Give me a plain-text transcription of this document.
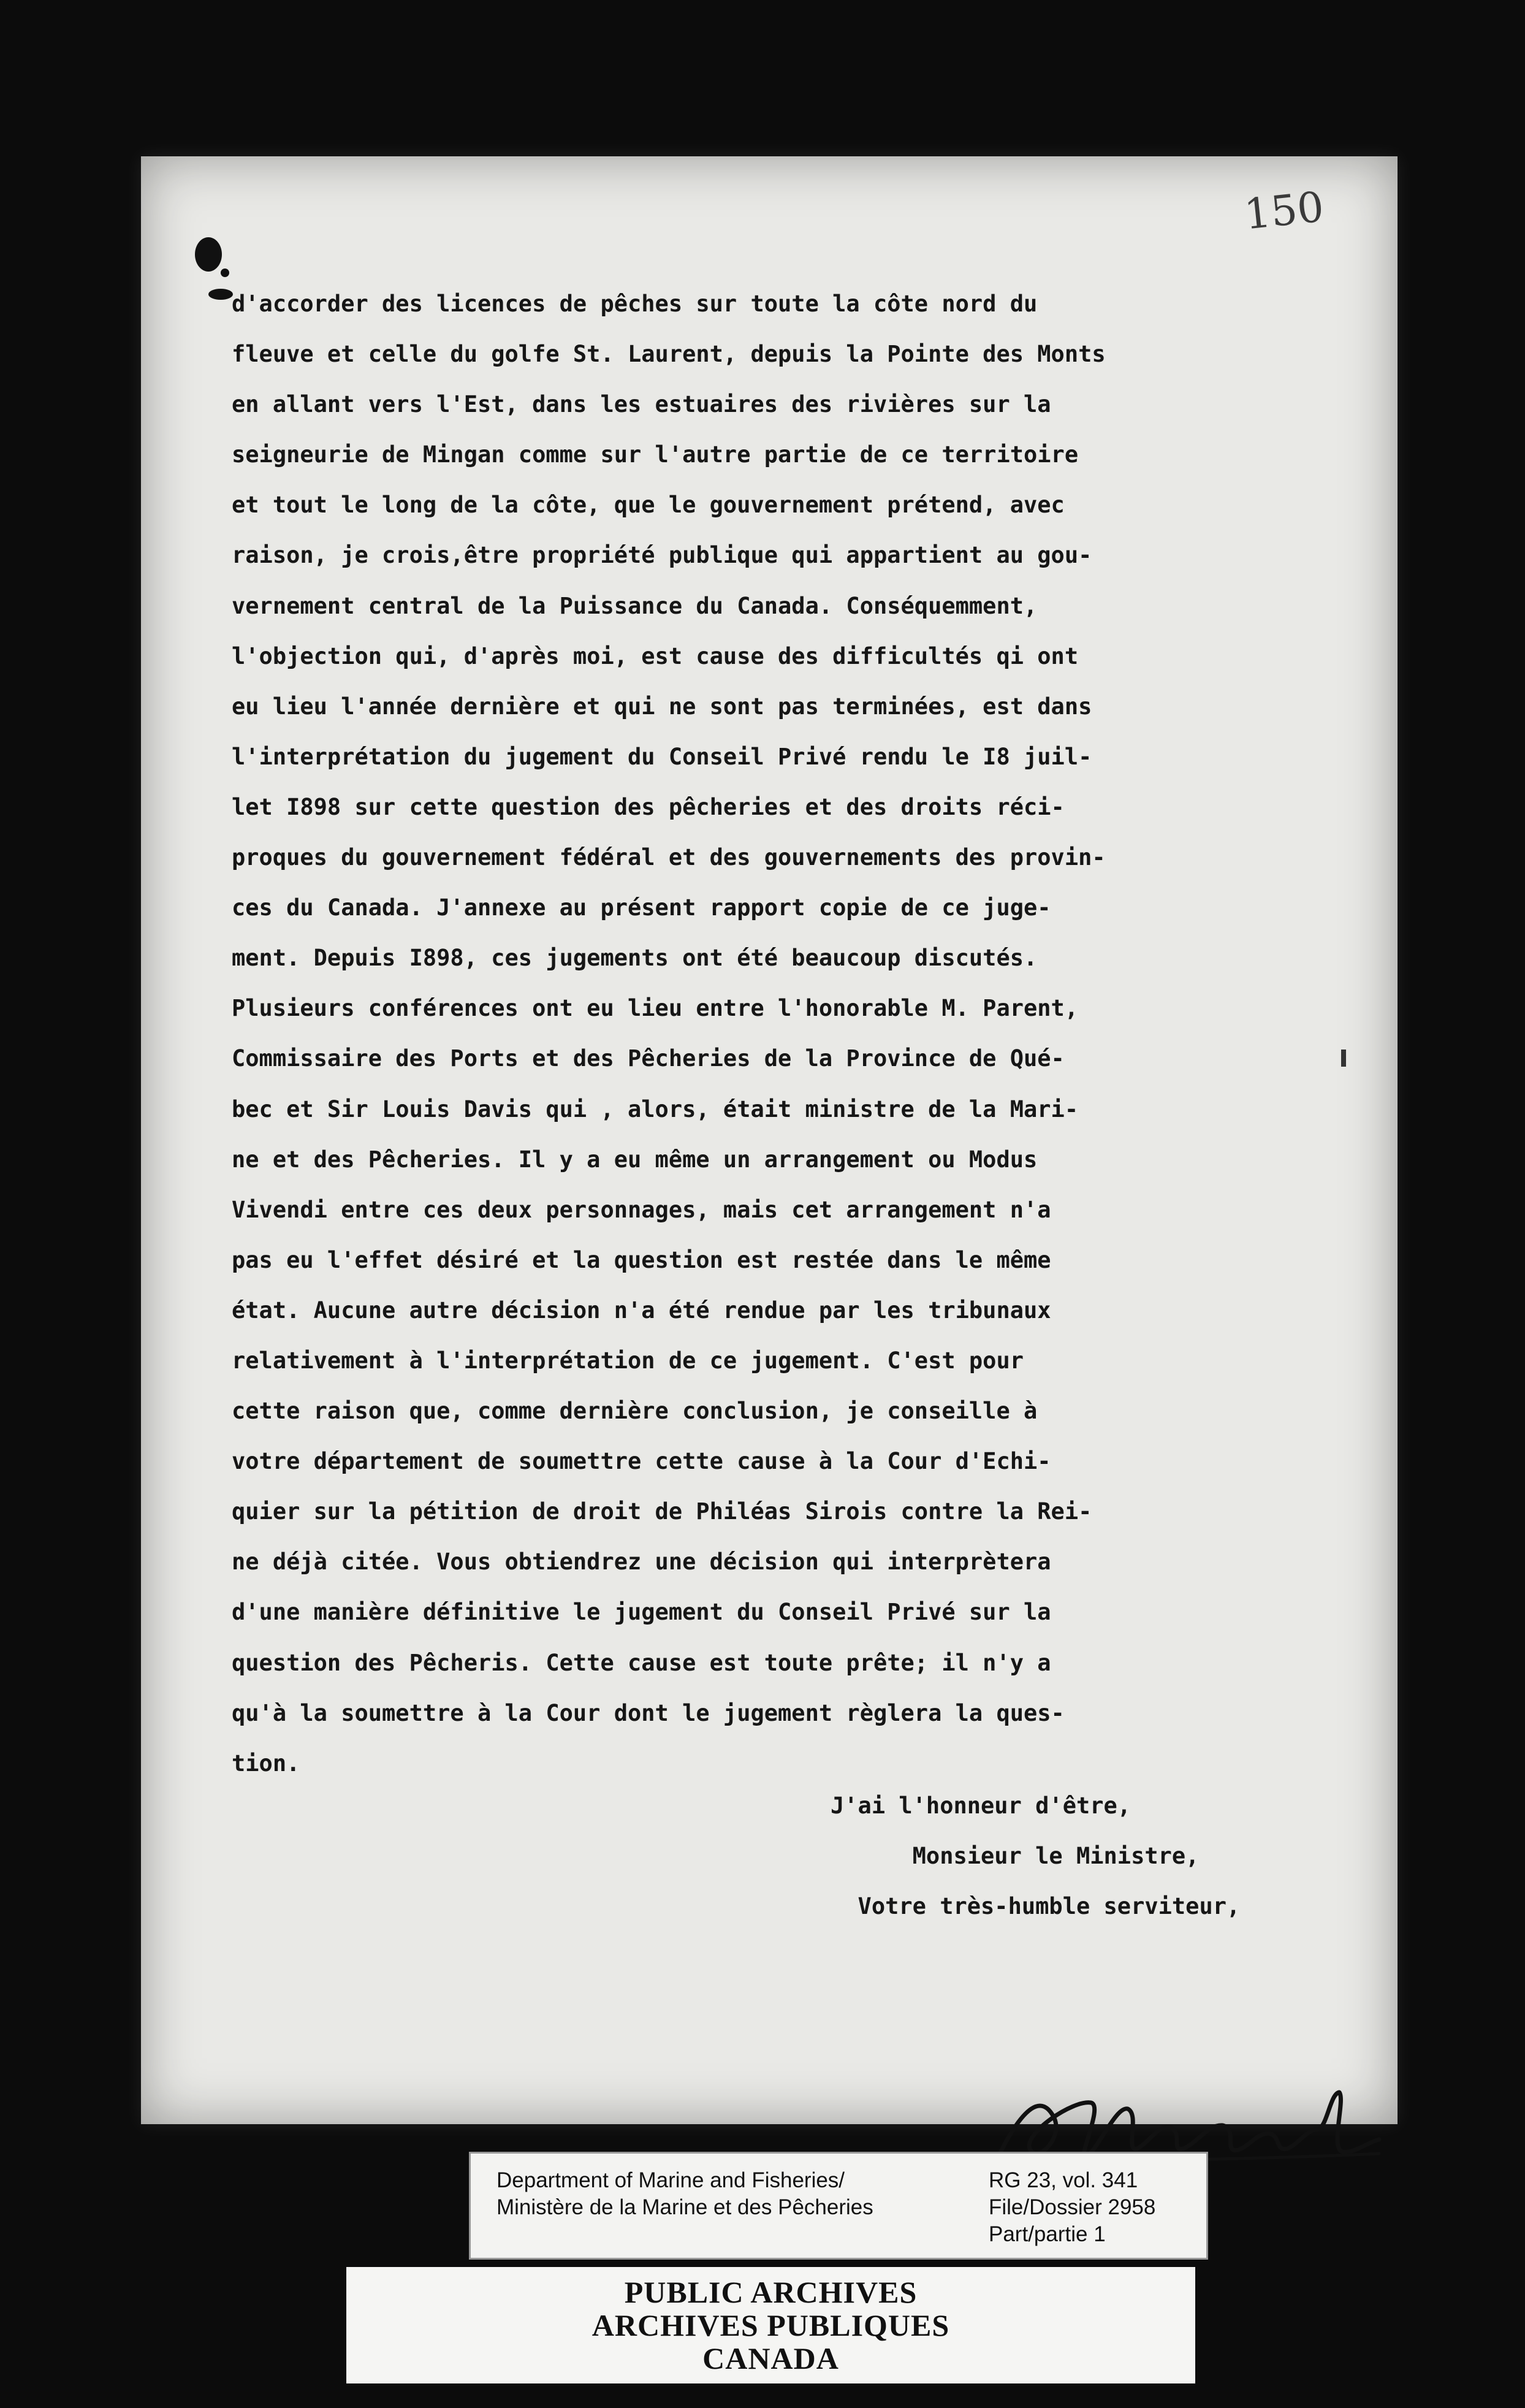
150
d'accorder des licences de pêches sur toute la côte nord du
fleuve et celle du golfe St. Laurent, depuis la Pointe des Monts
en allant vers l'Est, dans les estuaires des rivières sur la
seigneurie de Mingan comme sur l'autre partie de ce territoire
et tout le long de la côte, que le gouvernement prétend, avec
raison, je crois,être propriété publique qui appartient au gou-
vernement central de la Puissance du Canada. Conséquemment,
l'objection qui, d'après moi, est cause des difficultés qi ont
eu lieu l'année dernière et qui ne sont pas terminées, est dans
l'interprétation du jugement du Conseil Privé rendu le I8 juil-
let I898 sur cette question des pêcheries et des droits réci-
proques du gouvernement fédéral et des gouvernements des provin-
ces du Canada. J'annexe au présent rapport copie de ce juge-
ment. Depuis I898, ces jugements ont été beaucoup discutés.
Plusieurs conférences ont eu lieu entre l'honorable M. Parent,
Commissaire des Ports et des Pêcheries de la Province de Qué-
bec et Sir Louis Davis qui , alors, était ministre de la Mari-
ne et des Pêcheries. Il y a eu même un arrangement ou Modus
Vivendi entre ces deux personnages, mais cet arrangement n'a
pas eu l'effet désiré et la question est restée dans le même
état. Aucune autre décision n'a été rendue par les tribunaux
relativement à l'interprétation de ce jugement. C'est pour
cette raison que, comme dernière conclusion, je conseille à
votre département de soumettre cette cause à la Cour d'Echi-
quier sur la pétition de droit de Philéas Sirois contre la Rei-
ne déjà citée. Vous obtiendrez une décision qui interprètera
d'une manière définitive le jugement du Conseil Privé sur la
question des Pêcheris. Cette cause est toute prête; il n'y a
qu'à la soumettre à la Cour dont le jugement règlera la ques-
tion.
J'ai l'honneur d'être,
Monsieur le Ministre,
Votre très-humble serviteur,
Department of Marine and Fisheries/
Ministère de la Marine et des Pêcheries
RG 23, vol. 341
File/Dossier 2958
Part/partie 1
PUBLIC ARCHIVES
ARCHIVES PUBLIQUES
CANADA
